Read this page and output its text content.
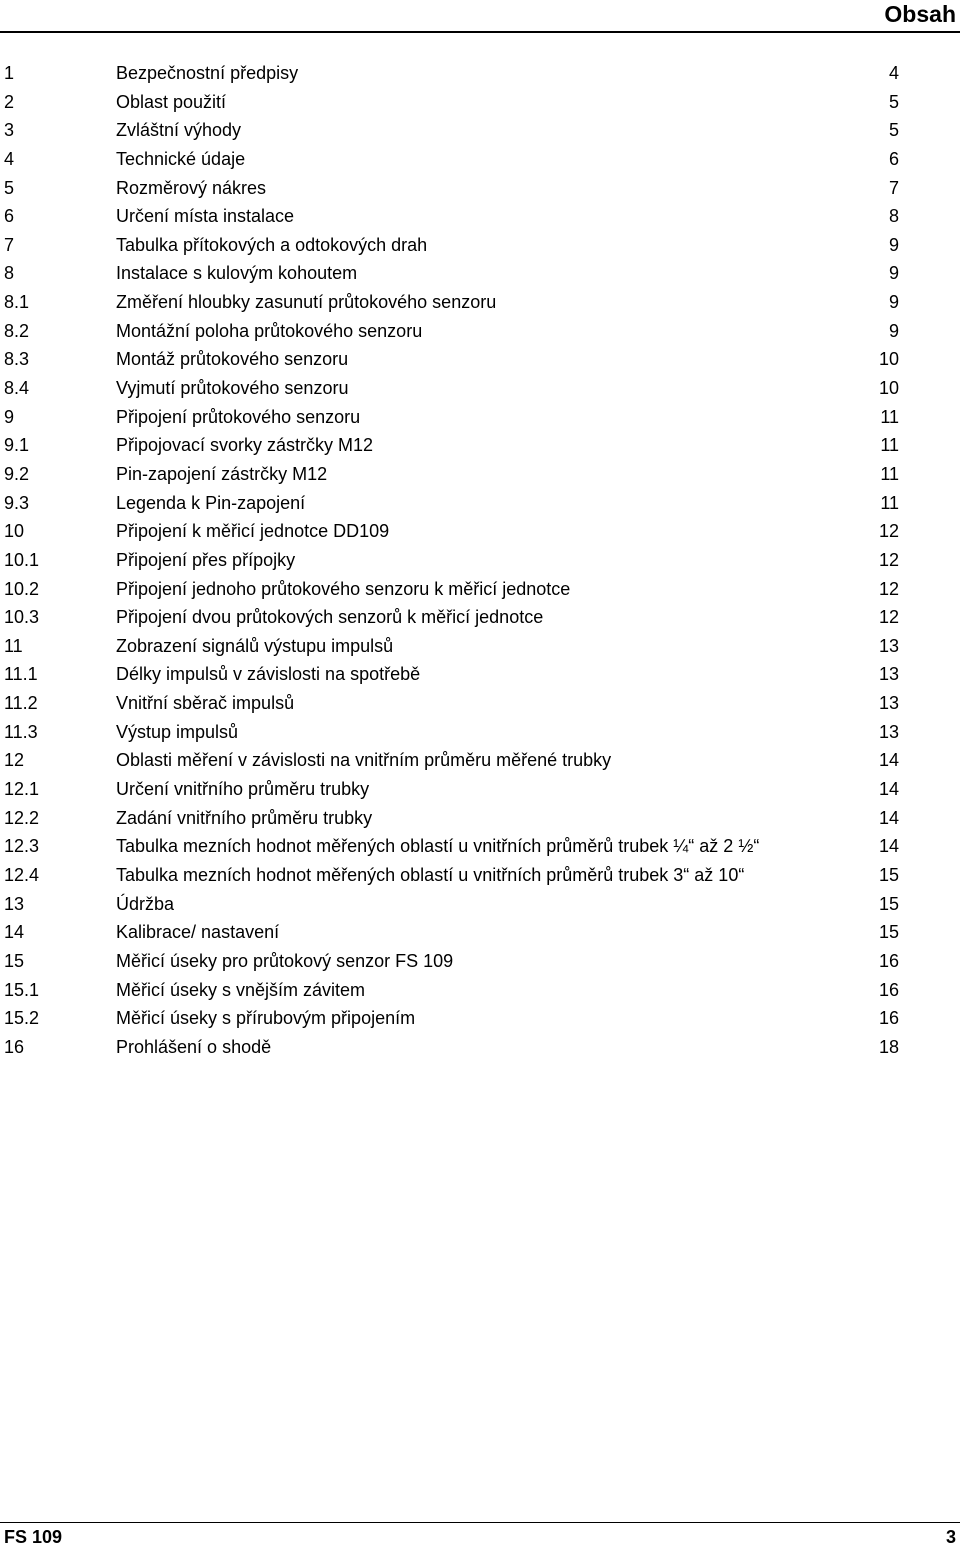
Obsah
1	Bezpečnostní předpisy	4
2	Oblast použití	5
3	Zvláštní výhody	5
4	Technické údaje	6
5	Rozměrový nákres	7
6	Určení místa instalace	8
7	Tabulka přítokových a odtokových drah	9
8	Instalace s kulovým kohoutem	9
8.1	Změření hloubky zasunutí průtokového senzoru	9
8.2	Montážní poloha průtokového senzoru	9
8.3	Montáž průtokového senzoru	10
8.4	Vyjmutí průtokového senzoru	10
9	Připojení průtokového senzoru	11
9.1	Připojovací svorky zástrčky M12	11
9.2	Pin-zapojení zástrčky M12	11
9.3	Legenda k Pin-zapojení	11
10	Připojení k měřicí jednotce DD109	12
10.1	Připojení přes přípojky	12
10.2	Připojení jednoho průtokového senzoru k měřicí jednotce	12
10.3	Připojení dvou průtokových senzorů k měřicí jednotce	12
11	Zobrazení signálů výstupu impulsů	13
11.1	Délky impulsů v závislosti na spotřebě	13
11.2	Vnitřní sběrač impulsů	13
11.3	Výstup impulsů	13
12	Oblasti měření v závislosti na vnitřním průměru měřené trubky	14
12.1	Určení vnitřního průměru trubky	14
12.2	Zadání vnitřního průměru trubky	14
12.3	Tabulka mezních hodnot měřených oblastí u vnitřních průměrů trubek ¼“ až 2 ½“	14
12.4	Tabulka mezních hodnot měřených oblastí u vnitřních průměrů trubek 3“ až 10“	15
13	Údržba	15
14	Kalibrace/ nastavení	15
15	Měřicí úseky pro průtokový senzor FS 109	16
15.1	Měřicí úseky s vnějším závitem	16
15.2	Měřicí úseky s přírubovým připojením	16
16	Prohlášení o shodě	18
FS 109	3
